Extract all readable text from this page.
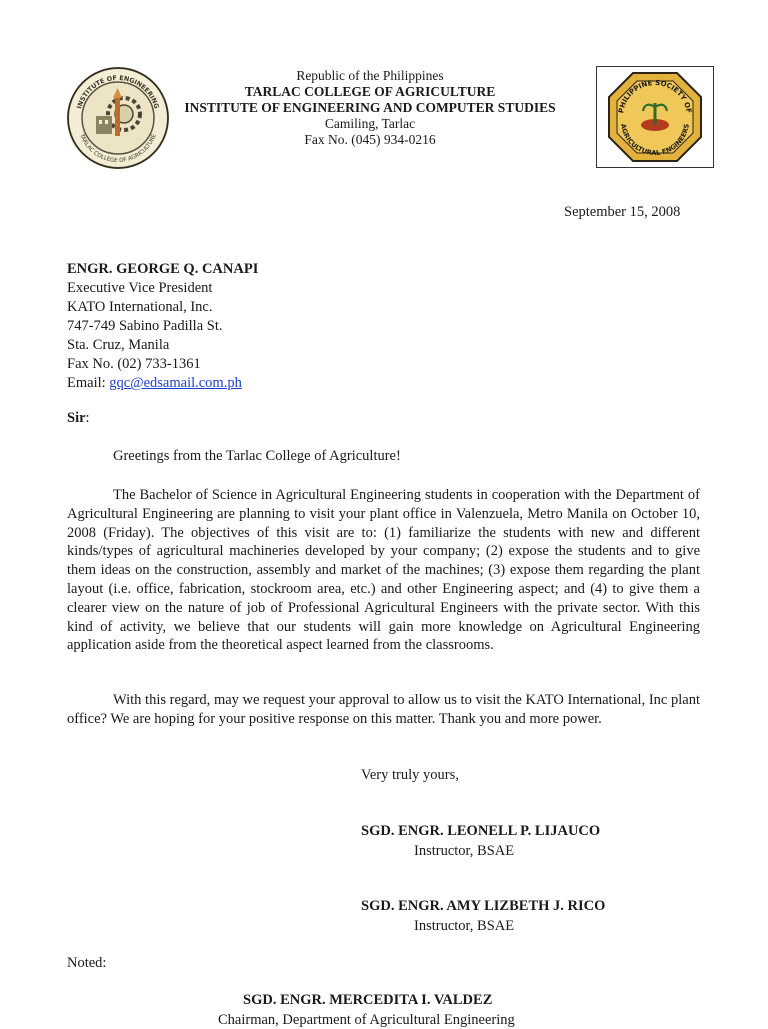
INSTITUTE OF ENGINEERING
TARLAC COLLEGE OF AGRICULTURE
Republic of the Philippines
TARLAC COLLEGE OF AGRICULTURE
INSTITUTE OF ENGINEERING AND COMPUTER STUDIES
Camiling, Tarlac
Fax No. (045) 934-0216
PHILIPPINE SOCIETY OF
AGRICULTURAL ENGINEERS
September 15, 2008
ENGR. GEORGE Q. CANAPI
Executive Vice President
KATO International, Inc.
747-749 Sabino Padilla St.
Sta. Cruz, Manila
Fax No. (02) 733-1361
Email: gqc@edsamail.com.ph
Sir:
Greetings from the Tarlac College of Agriculture!
The Bachelor of Science in Agricultural Engineering students in cooperation with the Department of Agricultural Engineering are planning to visit your plant office in Valenzuela, Metro Manila on October 10, 2008 (Friday). The objectives of this visit are to: (1) familiarize the students with new and different kinds/types of agricultural machineries developed by your company; (2) expose the students and to give them ideas on the construction, assembly and market of the machines; (3) expose them regarding the plant layout (i.e. office, fabrication, stockroom area, etc.) and other Engineering aspect; and (4) to give them a clearer view on the nature of job of Professional Agricultural Engineers with the private sector. With this kind of activity, we believe that our students will gain more knowledge on Agricultural Engineering application aside from the theoretical aspect learned from the classrooms.
With this regard, may we request your approval to allow us to visit the KATO International, Inc plant office? We are hoping for your positive response on this matter. Thank you and more power.
Very truly yours,
SGD. ENGR. LEONELL P. LIJAUCO
Instructor, BSAE
SGD. ENGR. AMY LIZBETH J. RICO
Instructor, BSAE
Noted:
SGD. ENGR. MERCEDITA I. VALDEZ
Chairman, Department of Agricultural Engineering
